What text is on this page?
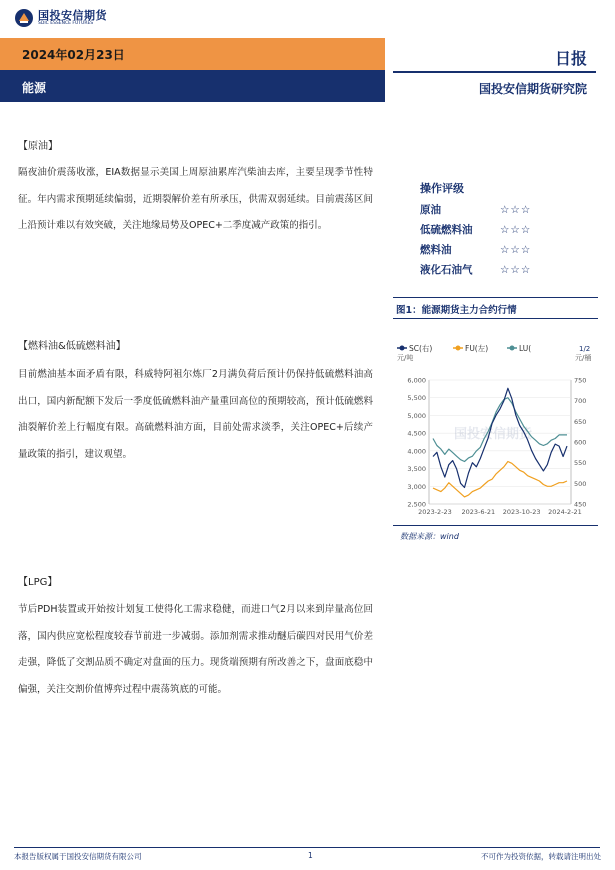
国投安信期货
SDIC ESSENCE FUTURES
2024年02月23日
能源
日报
国投安信期货研究院
【原油】
隔夜油价震荡收涨，EIA数据显示美国上周原油累库汽柴油去库，主要呈现季节性特征。年内需求预期延续偏弱，近期裂解价差有所承压，供需双弱延续。目前震荡区间上沿预计难以有效突破，关注地缘局势及OPEC+二季度减产政策的指引。
【燃料油&低硫燃料油】
目前燃油基本面矛盾有限，科威特阿祖尔炼厂2月满负荷后预计仍保持低硫燃料油高出口，国内新配额下发后一季度低硫燃料油产量重回高位的预期较高，预计低硫燃料油裂解价差上行幅度有限。高硫燃料油方面，目前处需求淡季，关注OPEC+后续产量政策的指引，建议观望。
【LPG】
节后PDH装置或开始按计划复工使得化工需求稳健，而进口气2月以来到岸量高位回落，国内供应宽松程度较春节前进一步减弱。添加剂需求推动醚后碳四对民用气价差走强，降低了交割品质不确定对盘面的压力。现货端预期有所改善之下，盘面底稳中偏强，关注交割价值博弈过程中震荡筑底的可能。
操作评级
原油	☆☆☆
低硫燃料油	☆☆☆
燃料油	☆☆☆
液化石油气	☆☆☆
图1：能源期货主力合约行情
SC(右)	FU(左)	LU(	1/2
元/吨	元/桶
6,000
5,500
5,000
4,500
4,000
3,500
3,000
2,500
750
700
650
600
550
500
450
2023-2-23 2023-6-21 2023-10-23 2024-2-21
国投安信期货
数据来源：wind
本报告版权属于国投安信期货有限公司	1	不可作为投资依据，转载请注明出处
